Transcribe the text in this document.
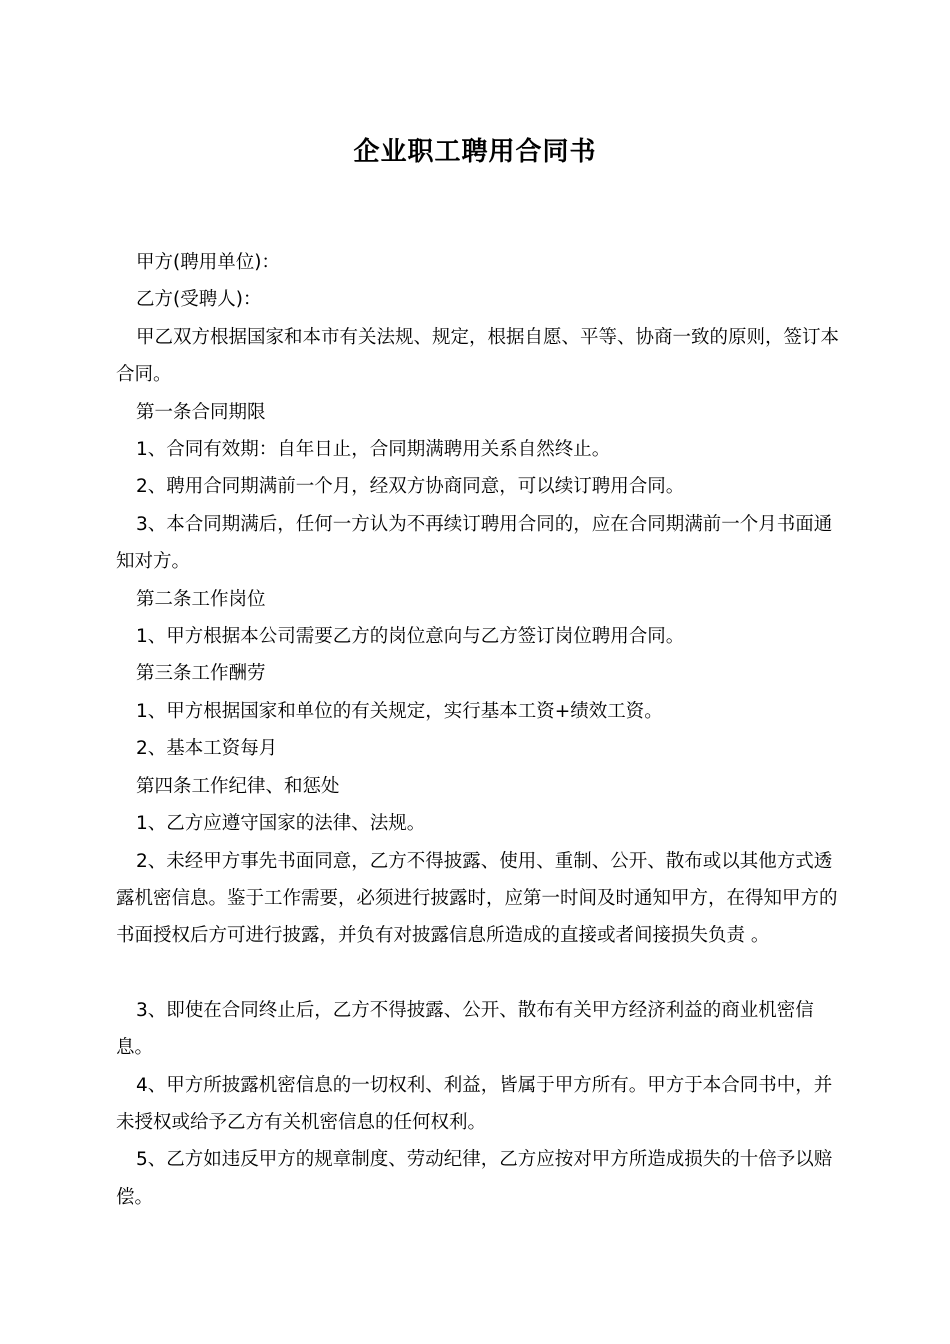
企业职工聘用合同书

甲方(聘用单位)：

乙方(受聘人)：

甲乙双方根据国家和本市有关法规、规定，根据自愿、平等、协商一致的原则，签订本合同。

第一条合同期限

1、合同有效期：自年日止，合同期满聘用关系自然终止。

2、聘用合同期满前一个月，经双方协商同意，可以续订聘用合同。

3、本合同期满后，任何一方认为不再续订聘用合同的，应在合同期满前一个月书面通知对方。

第二条工作岗位

1、甲方根据本公司需要乙方的岗位意向与乙方签订岗位聘用合同。

第三条工作酬劳

1、甲方根据国家和单位的有关规定，实行基本工资+绩效工资。

2、基本工资每月

第四条工作纪律、和惩处

1、乙方应遵守国家的法律、法规。

2、未经甲方事先书面同意，乙方不得披露、使用、重制、公开、散布或以其他方式透露机密信息。鉴于工作需要，必须进行披露时，应第一时间及时通知甲方，在得知甲方的书面授权后方可进行披露，并负有对披露信息所造成的直接或者间接损失负责 。

3、即使在合同终止后，乙方不得披露、公开、散布有关甲方经济利益的商业机密信息。

4、甲方所披露机密信息的一切权利、利益，皆属于甲方所有。甲方于本合同书中，并未授权或给予乙方有关机密信息的任何权利。

5、乙方如违反甲方的规章制度、劳动纪律，乙方应按对甲方所造成损失的十倍予以赔偿。
